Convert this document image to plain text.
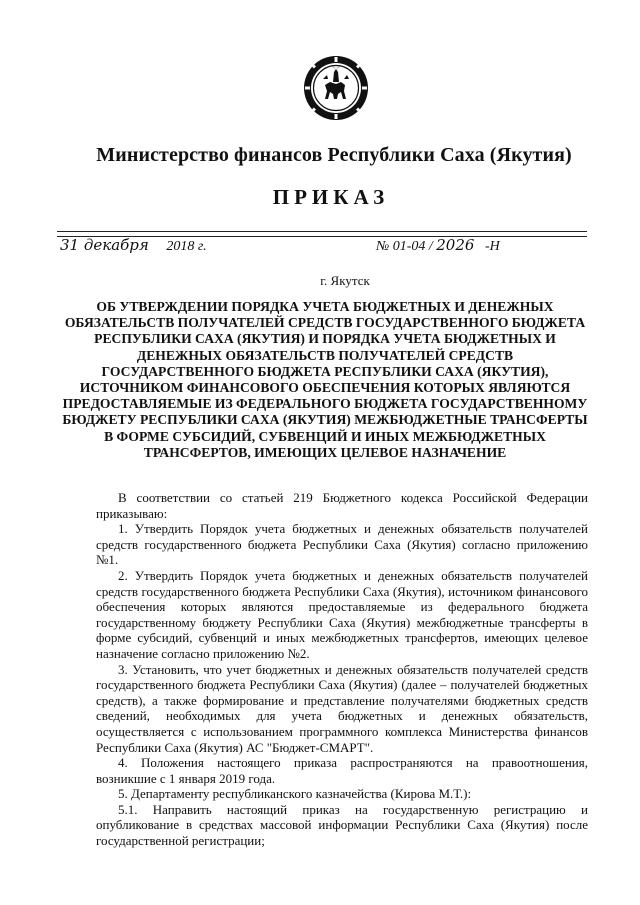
Министерство финансов Республики Саха (Якутия)
ПРИКАЗ
31 декабря 2018 г.	№ 01-04 / 2026 -Н
г. Якутск
ОБ УТВЕРЖДЕНИИ ПОРЯДКА УЧЕТА БЮДЖЕТНЫХ И ДЕНЕЖНЫХ ОБЯЗАТЕЛЬСТВ ПОЛУЧАТЕЛЕЙ СРЕДСТВ ГОСУДАРСТВЕННОГО БЮДЖЕТА РЕСПУБЛИКИ САХА (ЯКУТИЯ) И ПОРЯДКА УЧЕТА БЮДЖЕТНЫХ И ДЕНЕЖНЫХ ОБЯЗАТЕЛЬСТВ ПОЛУЧАТЕЛЕЙ СРЕДСТВ ГОСУДАРСТВЕННОГО БЮДЖЕТА РЕСПУБЛИКИ САХА (ЯКУТИЯ), ИСТОЧНИКОМ ФИНАНСОВОГО ОБЕСПЕЧЕНИЯ КОТОРЫХ ЯВЛЯЮТСЯ ПРЕДОСТАВЛЯЕМЫЕ ИЗ ФЕДЕРАЛЬНОГО БЮДЖЕТА ГОСУДАРСТВЕННОМУ БЮДЖЕТУ РЕСПУБЛИКИ САХА (ЯКУТИЯ) МЕЖБЮДЖЕТНЫЕ ТРАНСФЕРТЫ В ФОРМЕ СУБСИДИЙ, СУБВЕНЦИЙ И ИНЫХ МЕЖБЮДЖЕТНЫХ ТРАНСФЕРТОВ, ИМЕЮЩИХ ЦЕЛЕВОЕ НАЗНАЧЕНИЕ

В соответствии со статьей 219 Бюджетного кодекса Российской Федерации приказываю:

1. Утвердить Порядок учета бюджетных и денежных обязательств получателей средств государственного бюджета Республики Саха (Якутия) согласно приложению №1.

2. Утвердить Порядок учета бюджетных и денежных обязательств получателей средств государственного бюджета Республики Саха (Якутия), источником финансового обеспечения которых являются предоставляемые из федерального бюджета государственному бюджету Республики Саха (Якутия) межбюджетные трансферты в форме субсидий, субвенций и иных межбюджетных трансфертов, имеющих целевое назначение согласно приложению №2.

3. Установить, что учет бюджетных и денежных обязательств получателей средств государственного бюджета Республики Саха (Якутия) (далее – получателей бюджетных средств), а также формирование и представление получателями бюджетных средств сведений, необходимых для учета бюджетных и денежных обязательств, осуществляется с использованием программного комплекса Министерства финансов Республики Саха (Якутия) АС "Бюджет-СМАРТ".

4. Положения настоящего приказа распространяются на правоотношения, возникшие с 1 января 2019 года.

5. Департаменту республиканского казначейства (Кирова М.Т.):

5.1. Направить настоящий приказ на государственную регистрацию и опубликование в средствах массовой информации Республики Саха (Якутия) после государственной регистрации;
